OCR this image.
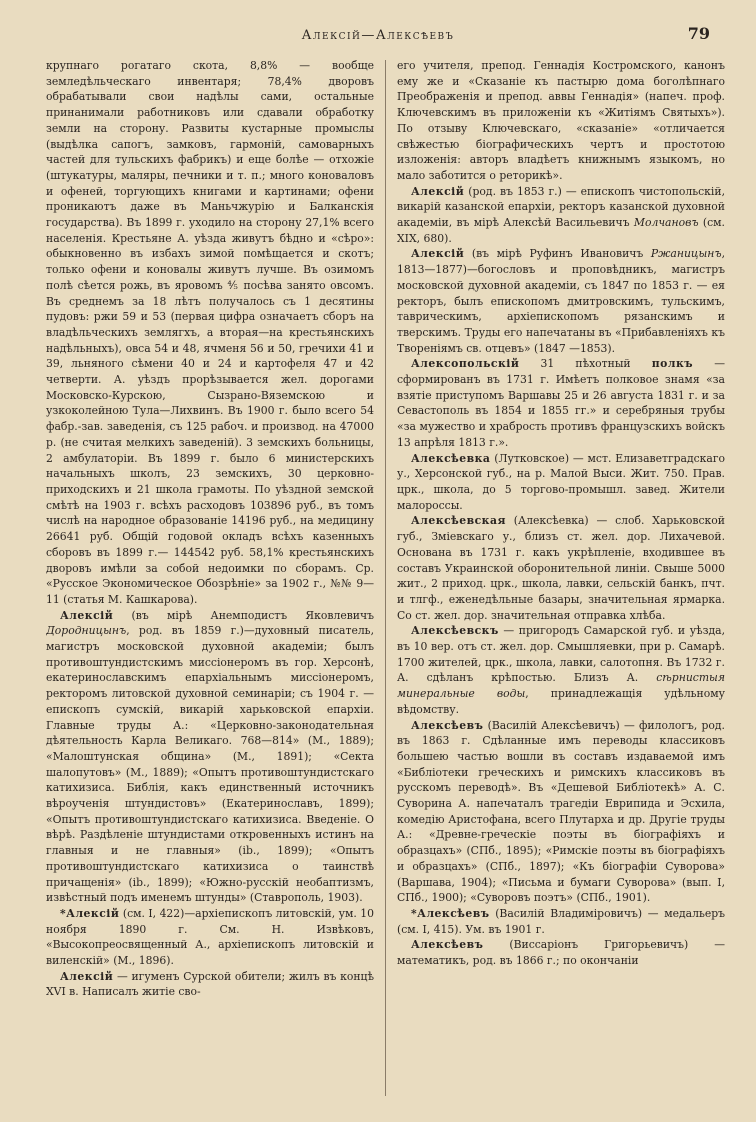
Алексій—Алексѣевъ	79

крупнаго рогатаго скота, 8,8% — вообще земледѣльческаго инвентаря; 78,4% дворовъ обрабатывали свои надѣлы сами, остальные принанимали работниковъ или сдавали обработку земли на сторону. Развиты кустарные промыслы (выдѣлка сапогъ, замковъ, гармоній, самоварныхъ частей для тульскихъ фабрикъ) и еще болѣе — отхожіе (штукатуры, маляры, печники и т. п.; много коноваловъ и офеней, торгующихъ книгами и картинами; офени проникаютъ даже въ Маньчжурію и Балканскія государства). Въ 1899 г. уходило на сторону 27,1% всего населенія. Крестьяне А. уѣзда живутъ бѣдно и «сѣро»: обыкновенно въ избахъ зимой помѣщается и скотъ; только офени и коновалы живутъ лучше. Въ озимомъ полѣ сѣется рожь, въ яровомъ ⅘ посѣва занято овсомъ. Въ среднемъ за 18 лѣтъ получалось съ 1 десятины пудовъ: ржи 59 и 53 (первая цифра означаетъ сборъ на владѣльческихъ землягхъ, а вторая—на крестьянскихъ надѣльныхъ), овса 54 и 48, ячменя 56 и 50, гречихи 41 и 39, льняного сѣмени 40 и 24 и картофеля 47 и 42 четверти. А. уѣздъ прорѣзывается жел. дорогами Московско-Курскою, Сызрано-Вяземскою и узкоколейною Тула—Лихвинъ. Въ 1900 г. было всего 54 фабр.-зав. заведенія, съ 125 рабоч. и производ. на 47000 р. (не считая мелкихъ заведеній). 3 земскихъ больницы, 2 амбулаторіи. Въ 1899 г. было 6 министерскихъ начальныхъ школъ, 23 земскихъ, 30 церковно-приходскихъ и 21 школа грамоты. По уѣздной земской смѣтѣ на 1903 г. всѣхъ расходовъ 103896 руб., въ томъ числѣ на народное образованіе 14196 руб., на медицину 26641 руб. Общій годовой окладъ всѣхъ казенныхъ сборовъ въ 1899 г.— 144542 руб. 58,1% крестьянскихъ дворовъ имѣли за собой недоимки по сборамъ. Ср. «Русское Экономическое Обозрѣніе» за 1902 г., №№ 9—11 (статья М. Кашкарова).

Алексій (въ мірѣ Анемподистъ Яковлевичъ Дородницынъ, род. въ 1859 г.)—духовный писатель, магистръ московской духовной академіи; былъ противоштундистскимъ миссіонеромъ въ гор. Херсонѣ, екатеринославскимъ епархіальнымъ миссіонеромъ, ректоромъ литовской духовной семинаріи; съ 1904 г. — епископъ сумскій, викарій харьковской епархіи. Главные труды А.: «Церковно-законодательная дѣятельность Карла Великаго. 768—814» (М., 1889); «Малоштунская община» (М., 1891); «Секта шалопутовъ» (М., 1889); «Опытъ противоштундистскаго катихизиса. Библія, какъ единственный источникъ вѣроученія штундистовъ» (Екатеринославъ, 1899); «Опытъ противоштундистскаго катихизиса. Введеніе. О вѣрѣ. Раздѣленіе штундистами откровенныхъ истинъ на главныя и не главныя» (ib., 1899); «Опытъ противоштундистскаго катихизиса о таинствѣ причащенія» (ib., 1899); «Южно-русскій необаптизмъ, извѣстный подъ именемъ штунды» (Ставрополь, 1903).

*Алексій (см. I, 422)—архіепископъ литовскій, ум. 10 ноября 1890 г. См. Н. Извѣковъ, «Высокопреосвященный А., архіепископъ литовскій и виленскій» (М., 1896).

Алексій — игуменъ Сурской обители; жилъ въ концѣ XVI в. Написалъ житіе сво-

его учителя, препод. Геннадія Костромского, канонъ ему же и «Сказаніе къ пастырю дома боголѣпнаго Преображенія и препод. аввы Геннадія» (напеч. проф. Ключевскимъ въ приложеніи къ «Житіямъ Святыхъ»). По отзыву Ключевскаго, «сказаніе» «отличается свѣжестью біографическихъ чертъ и простотою изложенія: авторъ владѣетъ книжнымъ языкомъ, но мало заботится о реторикѣ».

Алексій (род. въ 1853 г.) — епископъ чистопольскій, викарій казанской епархіи, ректоръ казанской духовной академіи, въ мірѣ Алексѣй Васильевичъ Молчановъ (см. XIX, 680).

Алексій (въ мірѣ Руфинъ Ивановичъ Ржаницынъ, 1813—1877)—богословъ и проповѣдникъ, магистръ московской духовной академіи, съ 1847 по 1853 г. — ея ректоръ, былъ епископомъ дмитровскимъ, тульскимъ, таврическимъ, архіепископомъ рязанскимъ и тверскимъ. Труды его напечатаны въ «Прибавленіяхъ къ Твореніямъ св. отцевъ» (1847 —1853).

Алексопольскій 31 пѣхотный полкъ —сформированъ въ 1731 г. Имѣетъ полковое знамя «за взятіе приступомъ Варшавы 25 и 26 августа 1831 г. и за Севастополь въ 1854 и 1855 гг.» и серебряныя трубы «за мужество и храбрость противъ французскихъ войскъ 13 апрѣля 1813 г.».

Алексѣевка (Лутковское) — мст. Елизаветградскаго у., Херсонской губ., на р. Малой Выси. Жит. 750. Прав. црк., школа, до 5 торгово-промышл. завед. Жители малороссы.

Алексѣевская (Алексѣевка) — слоб. Харьковской губ., Зміевскаго у., близъ ст. жел. дор. Лихачевой. Основана въ 1731 г. какъ укрѣпленіе, входившее въ составъ Украинской оборонительной линіи. Свыше 5000 жит., 2 приход. црк., школа, лавки, сельскій банкъ, пчт. и тлгф., еженедѣльные базары, значительная ярмарка. Со ст. жел. дор. значительная отправка хлѣба.

Алексѣевскъ — пригородъ Самарской губ. и уѣзда, въ 10 вер. отъ ст. жел. дор. Смышляевки, при р. Самарѣ. 1700 жителей, црк., школа, лавки, салотопня. Въ 1732 г. А. сдѣланъ крѣпостью. Близъ А. сѣрнистыя минеральные воды, принадлежащія удѣльному вѣдомству.

Алексѣевъ (Василій Алексѣевичъ) — филологъ, род. въ 1863 г. Сдѣланные имъ переводы классиковъ большею частью вошли въ составъ издаваемой имъ «Библіотеки греческихъ и римскихъ классиковъ въ русскомъ переводѣ». Въ «Дешевой Библіотекѣ» А. С. Суворина А. напечаталъ трагедіи Еврипида и Эсхила, комедію Аристофана, всего Плутарха и др. Другіе труды А.: «Древне-греческіе поэты въ біографіяхъ и образцахъ» (СПб., 1895); «Римскіе поэты въ біографіяхъ и образцахъ» (СПб., 1897); «Къ біографіи Суворова» (Варшава, 1904); «Письма и бумаги Суворова» (вып. I, СПб., 1900); «Суворовъ поэтъ» (СПб., 1901).

*Алексѣевъ (Василій Владиміровичъ) — медальеръ (см. I, 415). Ум. въ 1901 г.

Алексѣевъ (Виссаріонъ Григорьевичъ) —математикъ, род. въ 1866 г.; по окончаніи
